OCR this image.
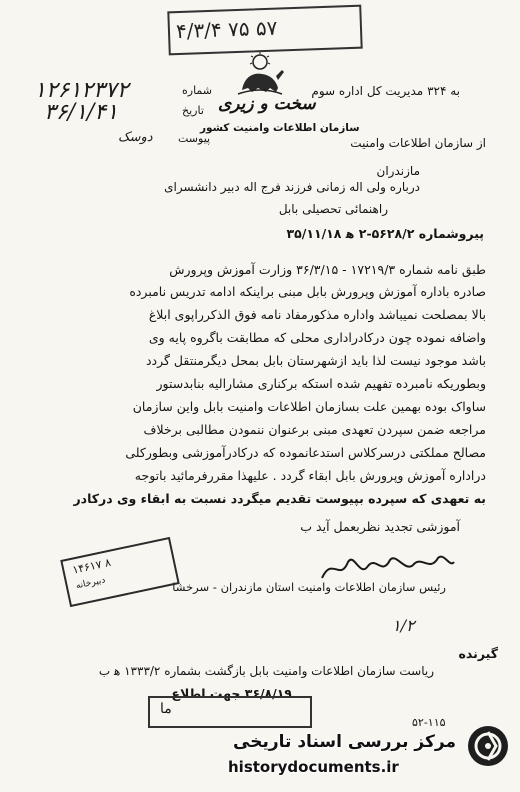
۴/۳/۴ ۷۵ ۵۷
سخت و زیری
سازمان اطلاعات وامنیت کشور
شماره
۱۲۶۱۲۳۷۲
تاریخ
۳۶/۱/۴۱
پیوست
دوسک
به ۳۲۴ مدیریت کل اداره سوم
از سازمان اطلاعات وامنیت
مازندران
درباره ولی اله زمانی فرزند فرج اله دبیر دانشسرای
راهنمائی تحصیلی بابل
پیروشماره ۵۶۲۸/۲-۲ ه‍ ۳۵/۱۱/۱۸
طبق نامه شماره ۱۷۲۱۹/۳ - ۳۶/۳/۱۵ وزارت آموزش وپرورش
صادره باداره آموزش وپرورش بابل مبنی براینکه ادامه تدریس نامبرده
بالا بمصلحت نمیباشد واداره مذکورمفاد نامه فوق الذکرراپوی ابلاغ
واضافه نموده چون درکادراداری محلی که مطابقت باگروه پایه وی
باشد موجود نیست لذا باید ازشهرستان بابل بمحل دیگرمنتقل گردد
وبطوریکه نامبرده تفهیم شده استکه برکناری مشارالیه بنابدستور
ساواک بوده بهمین علت بسازمان اطلاعات وامنیت بابل واین سازمان
مراجعه ضمن سپردن تعهدی مبنی برعنوان ننمودن مطالبی برخلاف
مصالح مملکتی درسرکلاس استدعانموده که درکادرآموزشی وبطورکلی
دراداره آموزش وپرورش بابل ابقاء گردد . علیهذا مقررفرمائید باتوجه
به تعهدی که سپرده بپیوست تقدیم میگردد نسبت به ابقاء وی درکادر
آموزشی تجدید نظربعمل آید ب
رئیس سازمان اطلاعات وامنیت استان مازندران - سرخشا
۱/۲
۱۴۶۱۷ ۸
دبیرخانه
گیرنده
ریاست سازمان اطلاعات وامنیت بابل بازگشت بشماره ۱۳۳۳/۲ ه‍ ب
۳۶/۸/۱۹ جهت اطلاع
ما
۵۲-۱۱۵
مرکز بررسی اسناد تاریخی
historydocuments.ir
